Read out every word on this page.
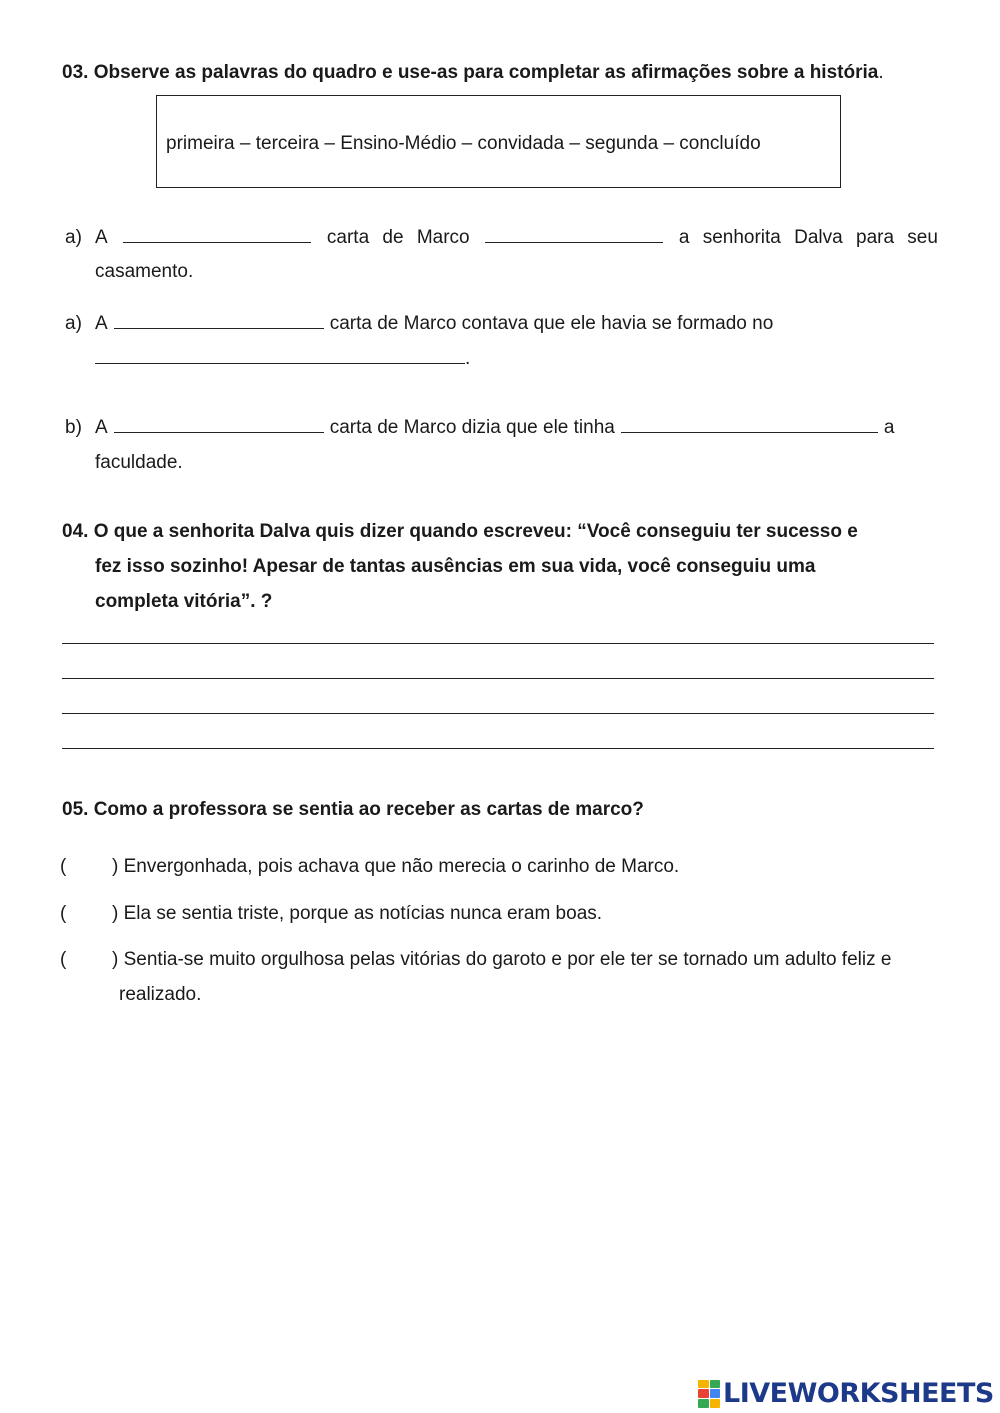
03. Observe as palavras do quadro e use-as para completar as afirmações sobre a história.
primeira – terceira – Ensino-Médio – convidada – segunda – concluído
a) A	carta de Marco	a senhorita Dalva para seu
casamento.
a) A	carta de Marco contava que ele havia se formado no
.
b) A	carta de Marco dizia que ele tinha	a
faculdade.
04. O que a senhorita Dalva quis dizer quando escreveu: “Você conseguiu ter sucesso e
fez isso sozinho! Apesar de tantas ausências em sua vida, você conseguiu uma
completa vitória”. ?
05. Como a professora se sentia ao receber as cartas de marco?
( ) Envergonhada, pois achava que não merecia o carinho de Marco.
( ) Ela se sentia triste, porque as notícias nunca eram boas.
( ) Sentia-se muito orgulhosa pelas vitórias do garoto e por ele ter se tornado um adulto feliz e
realizado.
LIVEWORKSHEETS
